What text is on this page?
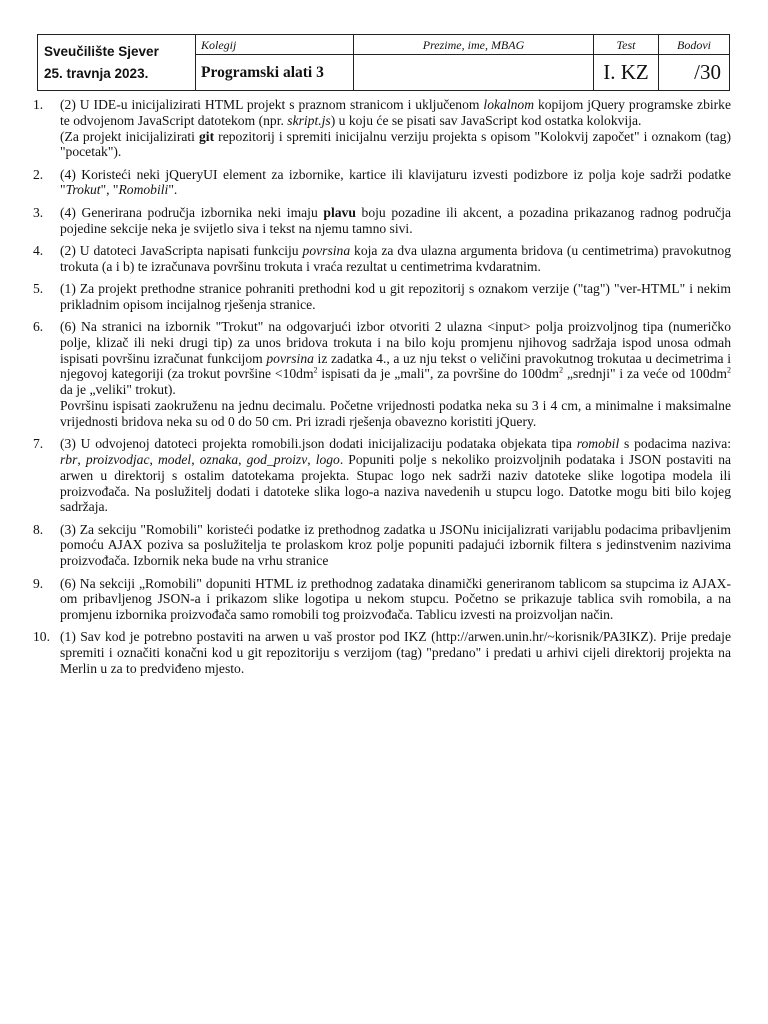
Sveučilište Sjever
25. travnja 2023.	Kolegij	Prezime, ime, MBAG	Test	Bodovi
	Programski alati 3		I. KZ	/30
1.	(2) U IDE-u inicijalizirati HTML projekt s praznom stranicom i uključenom lokalnom kopijom jQuery programske zbirke te odvojenom JavaScript datotekom (npr. skript.js) u koju će se pisati sav JavaScript kod ostatka kolokvija.

(Za projekt inicijalizirati git repozitorij i spremiti inicijalnu verziju projekta s opisom "Kolokvij započet" i oznakom (tag) "pocetak").

2.	(4) Koristeći neki jQueryUI element za izbornike, kartice ili klavijaturu izvesti podizbore iz polja koje sadrži podatke "Trokut", "Romobili".
3.	(4) Generirana područja izbornika neki imaju plavu boju pozadine ili akcent, a pozadina prikazanog radnog područja pojedine sekcije neka je svijetlo siva i tekst na njemu tamno sivi.
4.	(2) U datoteci JavaScripta napisati funkciju povrsina koja za dva ulazna argumenta bridova (u centimetrima) pravokutnog trokuta (a i b) te izračunava površinu trokuta i vraća rezultat u centimetrima kvdaratnim.
5.	(1) Za projekt prethodne stranice pohraniti prethodni kod u git repozitorij s oznakom verzije ("tag") "ver-HTML" i nekim prikladnim opisom incijalnog rješenja stranice.
6.	(6) Na stranici na izbornik "Trokut" na odgovarjući izbor otvoriti 2 ulazna <input> polja proizvoljnog tipa (numeričko polje, klizač ili neki drugi tip) za unos bridova trokuta i na bilo koju promjenu njihovog sadržaja ispod unosa odmah ispisati površinu izračunat funkcijom povrsina iz zadatka 4., a uz nju tekst o veličini pravokutnog trokutaa u decimetrima i njegovoj kategoriji (za trokut površine $<10dm^2$ ispisati da je „mali", za površine do $100dm^2$ „srednji" i za veće od $100dm^2$ da je „veliki" trokut).

Površinu ispisati zaokruženu na jednu decimalu. Početne vrijednosti podatka neka su 3 i 4 cm, a minimalne i maksimalne vrijednosti bridova neka su od 0 do 50 cm. Pri izradi rješenja obavezno koristiti jQuery.

7.	(3) U odvojenoj datoteci projekta romobili.json dodati inicijalizaciju podataka objekata tipa romobil s podacima naziva: rbr, proizvodjac, model, oznaka, god_proizv, logo. Popuniti polje s nekoliko proizvoljnih podataka i JSON postaviti na arwen u direktorij s ostalim datotekama projekta. Stupac logo nek sadrži naziv datoteke slike logotipa modela ili proizvođača. Na poslužitelj dodati i datoteke slika logo-a naziva navedenih u stupcu logo. Datotke mogu biti bilo kojeg sadržaja.
8.	(3) Za sekciju "Romobili" koristeći podatke iz prethodnog zadatka u JSONu inicijalizrati varijablu podacima pribavljenim pomoću AJAX poziva sa poslužitelja te prolaskom kroz polje popuniti padajući izbornik filtera s jedinstvenim nazivima proizvođača. Izbornik neka bude na vrhu stranice
9.	(6) Na sekciji „Romobili" dopuniti HTML iz prethodnog zadataka dinamički generiranom tablicom sa stupcima iz AJAX-om pribavljenog JSON-a i prikazom slike logotipa u nekom stupcu. Početno se prikazuje tablica svih romobila, a na promjenu izbornika proizvođača samo romobili tog proizvođača. Tablicu izvesti na proizvoljan način.
10. (1) Sav kod je potrebno postaviti na arwen u vaš prostor pod IKZ (http://arwen.unin.hr/~korisnik/PA3IKZ). Prije predaje spremiti i označiti konačni kod u git repozitoriju s verzijom (tag) "predano" i predati u arhivi cijeli direktorij projekta na Merlin u za to predviđeno mjesto.
